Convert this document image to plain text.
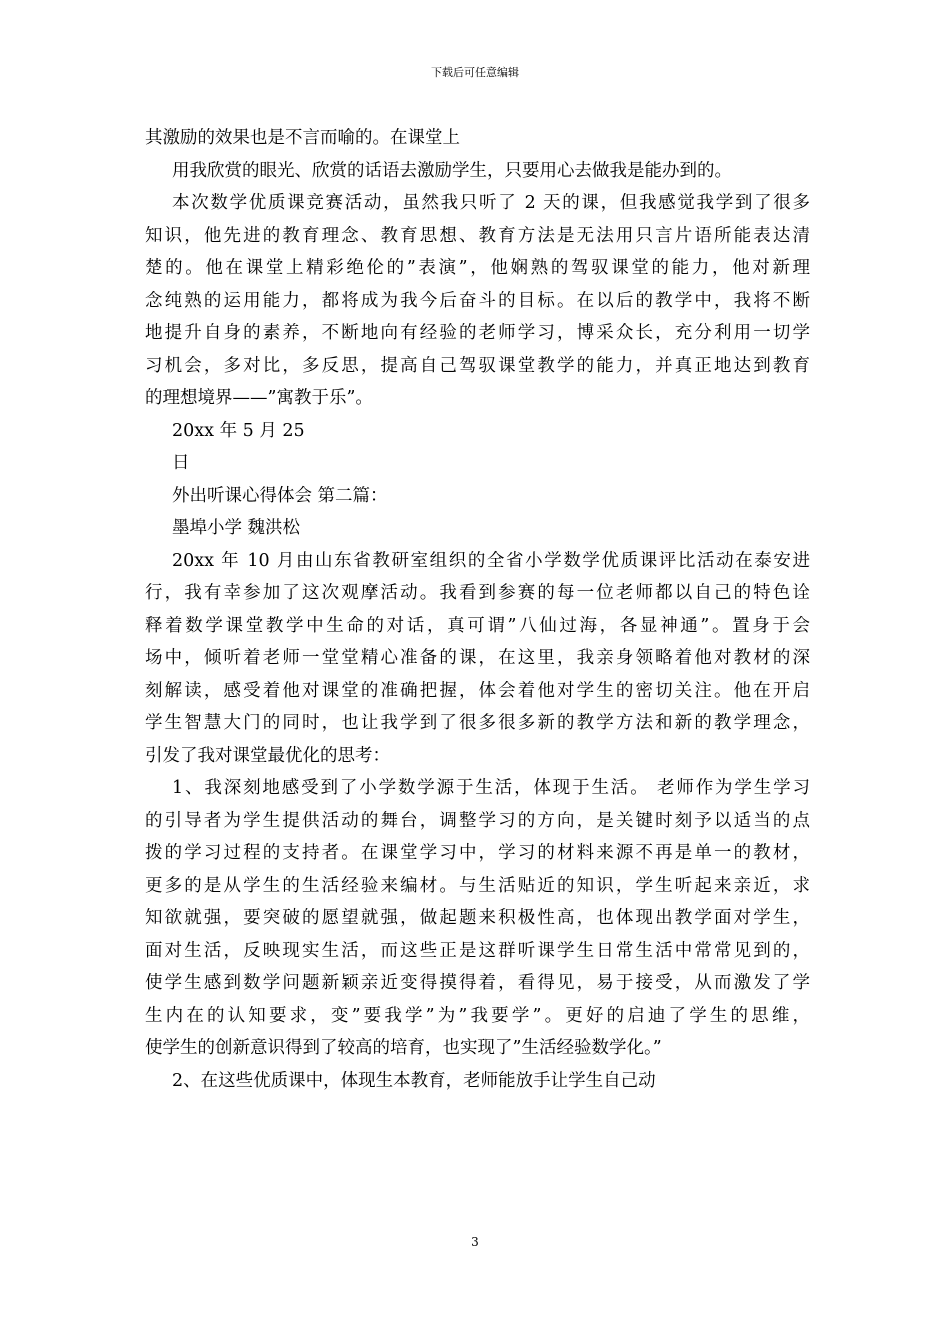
下载后可任意编辑
其激励的效果也是不言而喻的。在课堂上
用我欣赏的眼光、欣赏的话语去激励学生，只要用心去做我是能办到的。
本次数学优质课竞赛活动，虽然我只听了 2 天的课，但我感觉我学到了很多
知识，他先进的教育理念、教育思想、教育方法是无法用只言片语所能表达清
楚的。他在课堂上精彩绝伦的”表演”，他娴熟的驾驭课堂的能力，他对新理
念纯熟的运用能力，都将成为我今后奋斗的目标。在以后的教学中，我将不断
地提升自身的素养，不断地向有经验的老师学习，博采众长，充分利用一切学
习机会，多对比，多反思，提高自己驾驭课堂教学的能力，并真正地达到教育
的理想境界——”寓教于乐”。
20xx 年 5 月 25
日
外出听课心得体会 第二篇：
墨埠小学 魏洪松
20xx 年 10 月由山东省教研室组织的全省小学数学优质课评比活动在泰安进
行，我有幸参加了这次观摩活动。我看到参赛的每一位老师都以自己的特色诠
释着数学课堂教学中生命的对话，真可谓”八仙过海，各显神通”。置身于会
场中，倾听着老师一堂堂精心准备的课，在这里，我亲身领略着他对教材的深
刻解读，感受着他对课堂的准确把握，体会着他对学生的密切关注。他在开启
学生智慧大门的同时，也让我学到了很多很多新的教学方法和新的教学理念，
引发了我对课堂最优化的思考：
1、我深刻地感受到了小学数学源于生活，体现于生活。 老师作为学生学习
的引导者为学生提供活动的舞台，调整学习的方向，是关键时刻予以适当的点
拨的学习过程的支持者。在课堂学习中，学习的材料来源不再是单一的教材，
更多的是从学生的生活经验来编材。与生活贴近的知识，学生听起来亲近，求
知欲就强，要突破的愿望就强，做起题来积极性高，也体现出教学面对学生，
面对生活，反映现实生活，而这些正是这群听课学生日常生活中常常见到的，
使学生感到数学问题新颖亲近变得摸得着，看得见，易于接受，从而激发了学
生内在的认知要求，变”要我学”为”我要学”。更好的启迪了学生的思维，
使学生的创新意识得到了较高的培育，也实现了”生活经验数学化。”
2、在这些优质课中，体现生本教育，老师能放手让学生自己动
3
